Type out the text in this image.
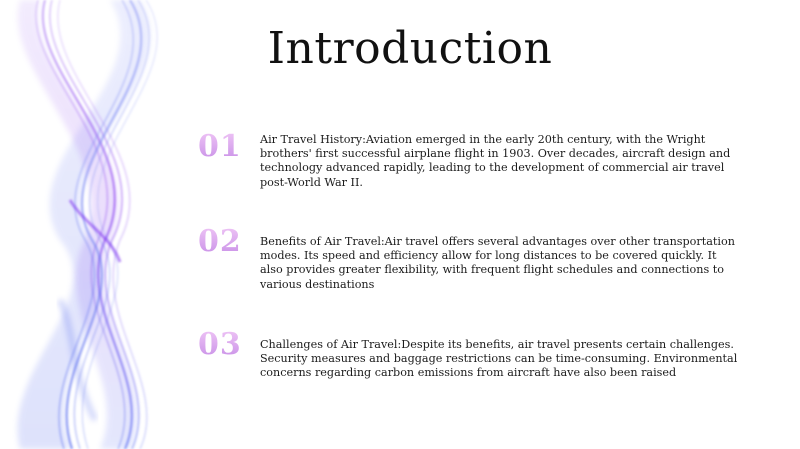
Introduction
01	Air Travel History:Aviation emerged in the early 20th century, with the Wright brothers' first successful airplane flight in 1903. Over decades, aircraft design and technology advanced rapidly, leading to the development of commercial air travel post-World War II.

02	Benefits of Air Travel:Air travel offers several advantages over other transportation modes. Its speed and efficiency allow for long distances to be covered quickly. It also provides greater flexibility, with frequent flight schedules and connections to various destinations

03	Challenges of Air Travel:Despite its benefits, air travel presents certain challenges. Security measures and baggage restrictions can be time-consuming. Environmental concerns regarding carbon emissions from aircraft have also been raised
